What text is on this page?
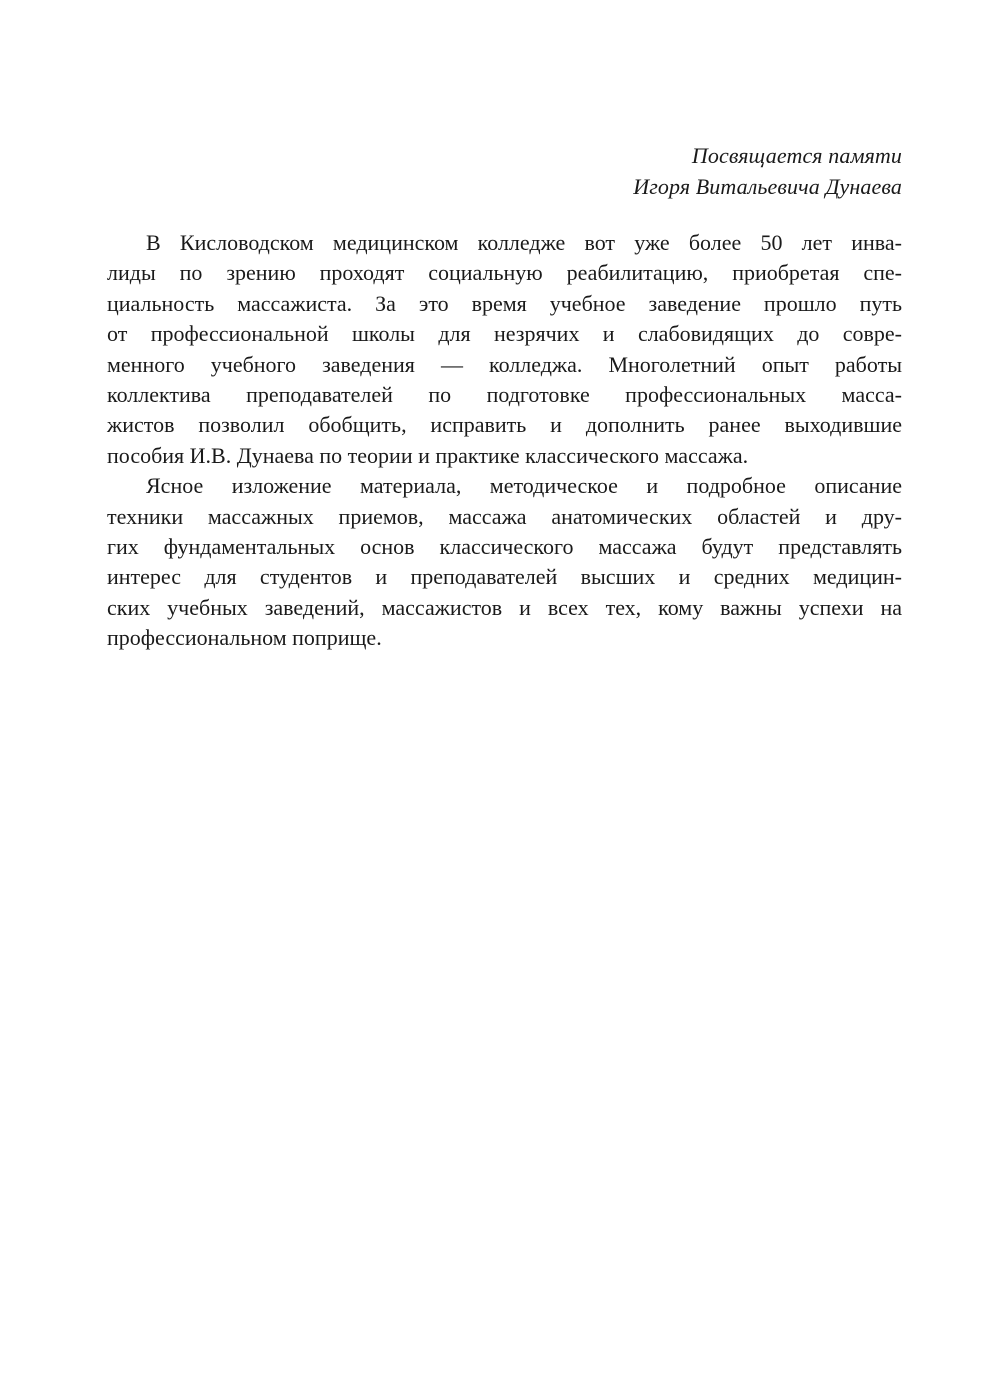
Посвящается памяти
Игоря Витальевича Дунаева
В Кисловодском медицинском колледже вот уже более 50 лет инва-
лиды по зрению проходят социальную реабилитацию, приобретая спе-
циальность массажиста. За это время учебное заведение прошло путь
от профессиональной школы для незрячих и слабовидящих до совре-
менного учебного заведения — колледжа. Многолетний опыт работы
коллектива преподавателей по подготовке профессиональных масса-
жистов позволил обобщить, исправить и дополнить ранее выходившие
пособия И.В. Дунаева по теории и практике классического массажа.
Ясное изложение материала, методическое и подробное описание
техники массажных приемов, массажа анатомических областей и дру-
гих фундаментальных основ классического массажа будут представлять
интерес для студентов и преподавателей высших и средних медицин-
ских учебных заведений, массажистов и всех тех, кому важны успехи на
профессиональном поприще.
